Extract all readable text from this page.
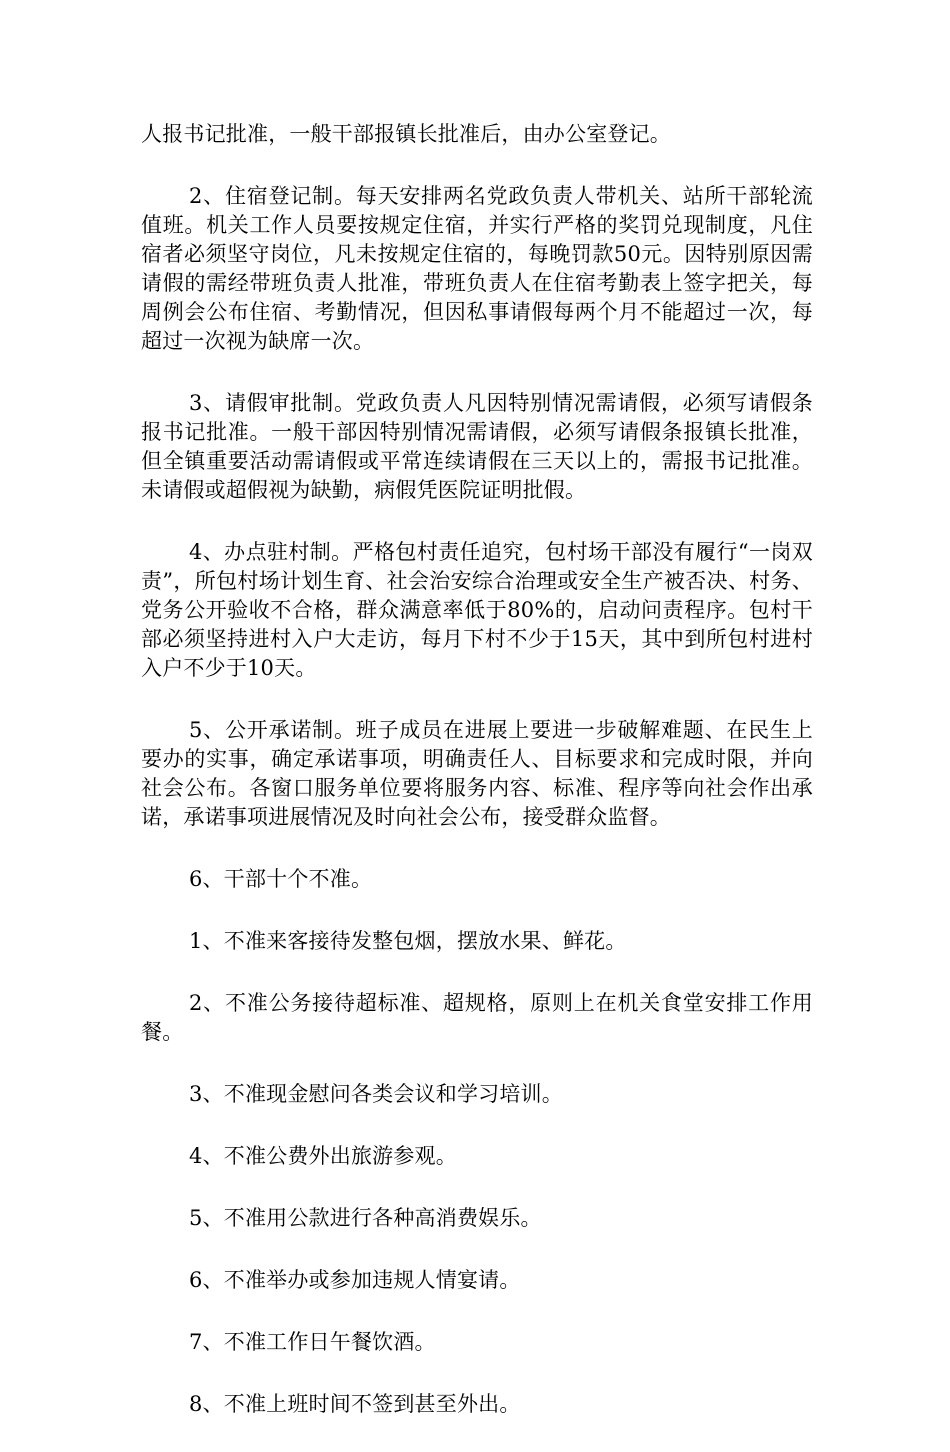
人报书记批准，一般干部报镇长批准后，由办公室登记。

2、住宿登记制。每天安排两名党政负责人带机关、站所干部轮流值班。机关工作人员要按规定住宿，并实行严格的奖罚兑现制度，凡住宿者必须坚守岗位，凡未按规定住宿的，每晚罚款50元。因特别原因需请假的需经带班负责人批准，带班负责人在住宿考勤表上签字把关，每周例会公布住宿、考勤情况，但因私事请假每两个月不能超过一次，每超过一次视为缺席一次。

3、请假审批制。党政负责人凡因特别情况需请假，必须写请假条报书记批准。一般干部因特别情况需请假，必须写请假条报镇长批准，但全镇重要活动需请假或平常连续请假在三天以上的，需报书记批准。未请假或超假视为缺勤，病假凭医院证明批假。

4、办点驻村制。严格包村责任追究，包村场干部没有履行“一岗双责”，所包村场计划生育、社会治安综合治理或安全生产被否决、村务、党务公开验收不合格，群众满意率低于80%的，启动问责程序。包村干部必须坚持进村入户大走访，每月下村不少于15天，其中到所包村进村入户不少于10天。

5、公开承诺制。班子成员在进展上要进一步破解难题、在民生上要办的实事，确定承诺事项，明确责任人、目标要求和完成时限，并向社会公布。各窗口服务单位要将服务内容、标准、程序等向社会作出承诺，承诺事项进展情况及时向社会公布，接受群众监督。

6、干部十个不准。

1、不准来客接待发整包烟，摆放水果、鲜花。

2、不准公务接待超标准、超规格，原则上在机关食堂安排工作用餐。

3、不准现金慰问各类会议和学习培训。

4、不准公费外出旅游参观。

5、不准用公款进行各种高消费娱乐。

6、不准举办或参加违规人情宴请。

7、不准工作日午餐饮酒。

8、不准上班时间不签到甚至外出。
